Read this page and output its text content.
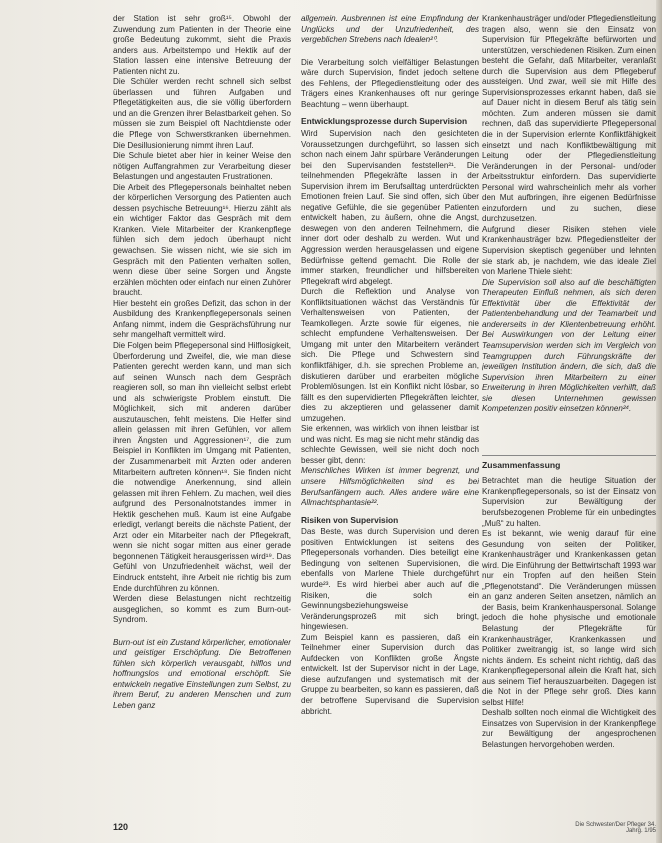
der Station ist sehr groß¹⁵. Obwohl der Zuwendung zum Patienten in der Theorie eine große Bedeutung zukommt, sieht die Praxis anders aus. Arbeitstempo und Hektik auf der Station lassen eine intensive Betreuung der Patienten nicht zu.

Die Schüler werden recht schnell sich selbst überlassen und führen Aufgaben und Pflegetätigkeiten aus, die sie völlig überfordern und an die Grenzen ihrer Belastbarkeit gehen. So müssen sie zum Beispiel oft Nachtdienste oder die Pflege von Schwerstkranken übernehmen. Die Desillusionierung nimmt ihren Lauf.

Die Schule bietet aber hier in keiner Weise den nötigen Auffangrahmen zur Verarbeitung dieser Belastungen und angestauten Frustrationen.

Die Arbeit des Pflegepersonals beinhaltet neben der körperlichen Versorgung des Patienten auch dessen psychische Betreuung¹⁶. Hierzu zählt als ein wichtiger Faktor das Gespräch mit dem Kranken. Viele Mitarbeiter der Krankenpflege fühlen sich dem jedoch überhaupt nicht gewachsen. Sie wissen nicht, wie sie sich im Gespräch mit den Patienten verhalten sollen, wenn diese über seine Sorgen und Ängste erzählen möchten oder einfach nur einen Zuhörer braucht.

Hier besteht ein großes Defizit, das schon in der Ausbildung des Krankenpflegepersonals seinen Anfang nimmt, indem die Gesprächsführung nur sehr mangelhaft vermittelt wird.

Die Folgen beim Pflegepersonal sind Hilflosigkeit, Überforderung und Zweifel, die, wie man diese Patienten gerecht werden kann, und man sich auf seinen Wunsch nach dem Gespräch reagieren soll, so man ihn vielleicht selbst erlebt und als schwierigste Problem einstuft. Die Möglichkeit, sich mit anderen darüber auszutauschen, fehlt meistens. Die Helfer sind allein gelassen mit ihren Gefühlen, vor allem ihren Ängsten und Aggressionen¹⁷, die zum Beispiel in Konflikten im Umgang mit Patienten, der Zusammenarbeit mit Ärzten oder anderen Mitarbeitern auftreten können¹⁸. Sie finden nicht die notwendige Anerkennung, sind allein gelassen mit ihren Fehlern. Zu machen, weil dies aufgrund des Personalnotstandes immer in Hektik geschehen muß. Kaum ist eine Aufgabe erledigt, verlangt bereits die nächste Patient, der Arzt oder ein Mitarbeiter nach der Pflegekraft, wenn sie nicht sogar mitten aus einer gerade begonnenen Tätigkeit herausgerissen wird¹⁹. Das Gefühl von Unzufriedenheit wächst, weil der Eindruck entsteht, ihre Arbeit nie richtig bis zum Ende durchführen zu können.

Werden diese Belastungen nicht rechtzeitig ausgeglichen, so kommt es zum Burn-out-Syndrom.

Burn-out ist ein Zustand körperlicher, emotionaler und geistiger Erschöpfung. Die Betroffenen fühlen sich körperlich verausgabt, hilflos und hoffnungslos und emotional erschöpft. Sie entwickeln negative Einstellungen zum Selbst, zu ihrem Beruf, zu anderen Menschen und zum Leben ganz

allgemein. Ausbrennen ist eine Empfindung der Unglücks und der Unzufriedenheit, des vergeblichen Strebens nach Idealen²⁰.

Die Verarbeitung solch vielfältiger Belastungen wäre durch Supervision, findet jedoch seltene des Fehlens, der Pflegedienstleitung oder des Trägers eines Krankenhauses oft nur geringe Beachtung – wenn überhaupt.

Entwicklungsprozesse durch Supervision

Wird Supervision nach den gesichteten Voraussetzungen durchgeführt, so lassen sich schon nach einem Jahr spürbare Veränderungen bei den Supervisanden feststellen²¹. Die teilnehmenden Pflegekräfte lassen in der Supervision ihrem im Berufsalltag unterdrückten Emotionen freien Lauf. Sie sind offen, sich über negative Gefühle, die sie gegenüber Patienten entwickelt haben, zu äußern, ohne die Angst, deswegen von den anderen Teilnehmern, die inner dort oder deshalb zu werden. Wut und Aggression werden herausgelassen und eigene Bedürfnisse geltend gemacht. Die Rolle der immer starken, freundlicher und hilfsbereiten Pflegekraft wird abgelegt.

Durch die Reflektion und Analyse von Konfliktsituationen wächst das Verständnis für Verhaltensweisen von Patienten, der Teamkollegen. Ärzte sowie für eigenes, nie schlecht empfundene Verhaltensweisen. Der Umgang mit unter den Mitarbeitern verändert sich. Die Pflege und Schwestern sind konfliktfähiger, d.h. sie sprechen Probleme an, diskutieren darüber und erarbeiten mögliche Problemlösungen. Ist ein Konflikt nicht lösbar, so fällt es den supervidierten Pflegekräften leichter, dies zu akzeptieren und gelassener damit umzugehen.

Sie erkennen, was wirklich von ihnen leistbar ist und was nicht. Es mag sie nicht mehr ständig das schlechte Gewissen, weil sie nicht doch noch besser gibt, denn:

Menschliches Wirken ist immer begrenzt, und unsere Hilfsmöglichkeiten sind es bei Berufsanfängern auch. Alles andere wäre eine Allmachtsphantasie²².

Risiken von Supervision

Das Beste, was durch Supervision und deren positiven Entwicklungen ist seitens des Pflegepersonals vorhanden. Dies beteiligt eine Bedingung von seltenen Supervisionen, die ebenfalls von Marlene Thiele durchgeführt wurde²³. Es wird hierbei aber auch auf die Risiken, die solch ein Gewinnungsbeziehungsweise Veränderungsprozeß mit sich bringt, hingewiesen.

Zum Beispiel kann es passieren, daß ein Teilnehmer einer Supervision durch das Aufdecken von Konflikten große Ängste entwickelt. Ist der Supervisor nicht in der Lage, diese aufzufangen und systematisch mit der Gruppe zu bearbeiten, so kann es passieren, daß der betroffene Supervisand die Supervision abbricht.

Krankenhausträger und/oder Pflegedienstleitung tragen also, wenn sie den Einsatz von Supervision für Pflegekräfte befürworten und unterstützen, verschiedenen Risiken. Zum einen besteht die Gefahr, daß Mitarbeiter, veranlaßt durch die Supervision aus dem Pflegeberuf aussteigen. Und zwar, weil sie mit Hilfe des Supervisionsprozesses erkannt haben, daß sie auf Dauer nicht in diesem Beruf als tätig sein möchten. Zum anderen müssen sie damit rechnen, daß das supervidierte Pflegepersonal die in der Supervision erlernte Konfliktfähigkeit einsetzt und nach Konfliktbewältigung mit Leitung oder der Pflegedienstleitung Veränderungen in der Personal- und/oder Arbeitsstruktur einfordern. Das supervidierte Personal wird wahrscheinlich mehr als vorher den Mut aufbringen, ihre eigenen Bedürfnisse einzufordern und zu suchen, diese durchzusetzen.

Aufgrund dieser Risiken stehen viele Krankenhausträger bzw. Pflegedienstleiter der Supervision skeptisch gegenüber und lehnten sie stark ab, je nachdem, wie das ideale Ziel von Marlene Thiele sieht:

Die Supervision soll also auf die beschäftigten Therapeuten Einfluß nehmen, als sich deren Effektivität über die Effektivität der Patientenbehandlung und der Teamarbeit und andererseits in der Klientenbetreuung erhöht. Bei Auswirkungen von der Leitung einer Teamsupervision werden sich im Vergleich von Teamgruppen durch Führungskräfte der jeweiligen Institution ändern, die sich, daß die Supervision ihren Mitarbeitern zu einer Erweiterung in ihren Möglichkeiten verhilft, daß sie diesen Unternehmen gewissen Kompetenzen positiv einsetzen können²⁴.

Zusammenfassung

Betrachtet man die heutige Situation der Krankenpflegepersonals, so ist der Einsatz von Supervision zur Bewältigung der berufsbezogenen Probleme für ein unbedingtes „Muß“ zu halten.

Es ist bekannt, wie wenig darauf für eine Gesundung von seiten der Politiker, Krankenhausträger und Krankenkassen getan wird. Die Einführung der Bettwirtschaft 1993 war nur ein Tropfen auf den heißen Stein „Pflegenotstand“. Die Veränderungen müssen an ganz anderen Seiten ansetzen, nämlich an der Basis, beim Krankenhauspersonal. Solange jedoch die hohe physische und emotionale Belastung der Pflegekräfte für Krankenhausträger, Krankenkassen und Politiker zweitrangig ist, so lange wird sich nichts ändern. Es scheint nicht richtig, daß das Krankenpflegepersonal allein die Kraft hat, sich aus seinem Tief herauszuarbeiten. Dagegen ist die Not in der Pflege sehr groß. Dies kann selbst Hilfe!

Deshalb sollten noch einmal die Wichtigkeit des Einsatzes von Supervision in der Krankenpflege zur Bewältigung der angesprochenen Belastungen hervorgehoben werden.

120	Die Schwester/Der Pfleger 34. Jahrg. 1/95
